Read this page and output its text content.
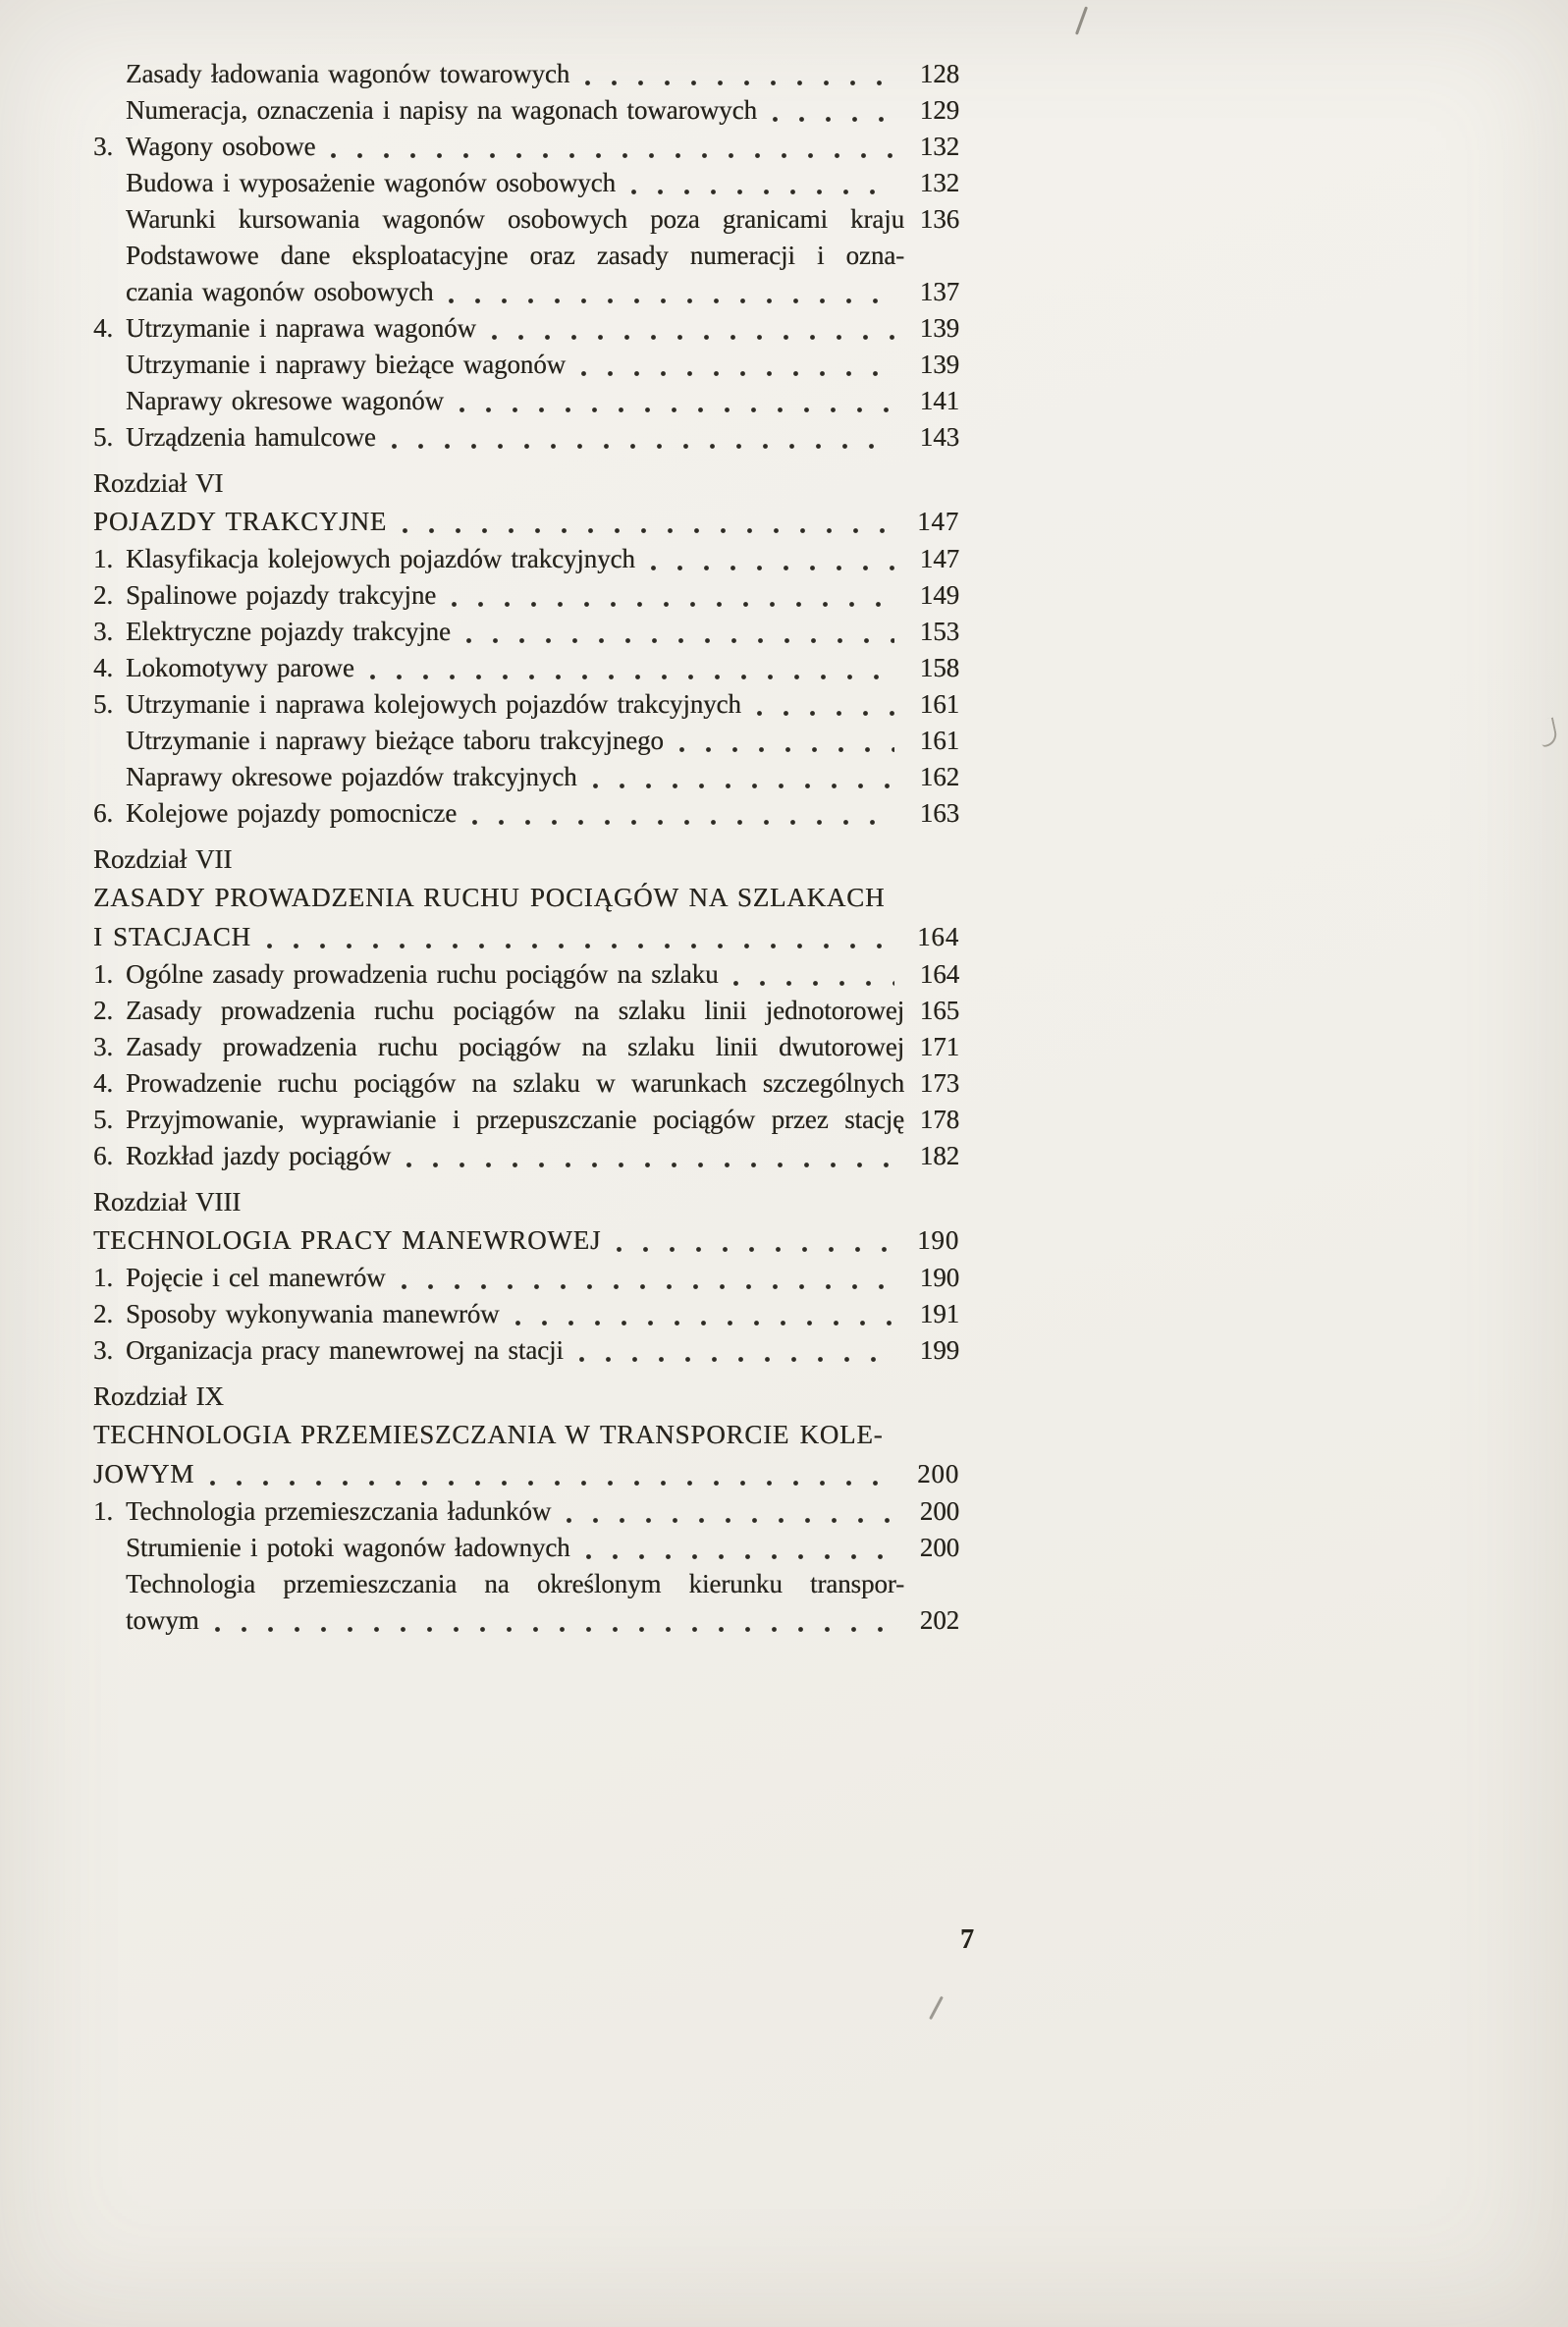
Zasady ładowania wagonów towarowych	128
Numeracja, oznaczenia i napisy na wagonach towarowych	129
3. Wagony osobowe	132
Budowa i wyposażenie wagonów osobowych	132
Warunki kursowania wagonów osobowych poza granicami kraju 136
Podstawowe dane eksploatacyjne oraz zasady numeracji i ozna-
czania wagonów osobowych	137
4. Utrzymanie i naprawa wagonów	139
Utrzymanie i naprawy bieżące wagonów	139
Naprawy okresowe wagonów	141
5. Urządzenia hamulcowe	143
Rozdział VI
POJAZDY TRAKCYJNE	147
1. Klasyfikacja kolejowych pojazdów trakcyjnych	147
2. Spalinowe pojazdy trakcyjne	149
3. Elektryczne pojazdy trakcyjne	153
4. Lokomotywy parowe	158
5. Utrzymanie i naprawa kolejowych pojazdów trakcyjnych	161
Utrzymanie i naprawy bieżące taboru trakcyjnego	161
Naprawy okresowe pojazdów trakcyjnych	162
6. Kolejowe pojazdy pomocnicze	163
Rozdział VII
ZASADY PROWADZENIA RUCHU POCIĄGÓW NA SZLAKACH
I STACJACH	164
1. Ogólne zasady prowadzenia ruchu pociągów na szlaku	164
2. Zasady prowadzenia ruchu pociągów na szlaku linii jednotorowej 165
3. Zasady prowadzenia ruchu pociągów na szlaku linii dwutorowej 171
4. Prowadzenie ruchu pociągów na szlaku w warunkach szczególnych 173
5. Przyjmowanie, wyprawianie i przepuszczanie pociągów przez stację 178
6. Rozkład jazdy pociągów	182
Rozdział VIII
TECHNOLOGIA PRACY MANEWROWEJ	190
1. Pojęcie i cel manewrów	190
2. Sposoby wykonywania manewrów	191
3. Organizacja pracy manewrowej na stacji	199
Rozdział IX
TECHNOLOGIA PRZEMIESZCZANIA W TRANSPORCIE KOLE-
JOWYM	200
1. Technologia przemieszczania ładunków	200
Strumienie i potoki wagonów ładownych	200
Technologia przemieszczania na określonym kierunku transpor-
towym	202
7
